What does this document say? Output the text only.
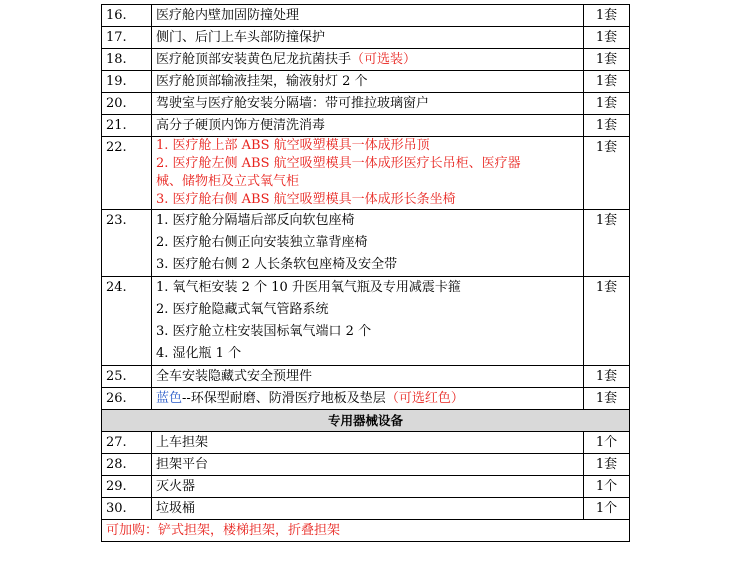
16.	医疗舱内壁加固防撞处理	1套
17.	侧门、后门上车头部防撞保护	1套
18.	医疗舱顶部安装黄色尼龙抗菌扶手（可选装）	1套
19.	医疗舱顶部输液挂架，输液射灯 2 个	1套
20.	驾驶室与医疗舱安装分隔墙：带可推拉玻璃窗户	1套
21.	高分子硬顶内饰方便清洗消毒	1套
22.	1. 医疗舱上部 ABS 航空吸塑模具一体成形吊顶
2. 医疗舱左侧 ABS 航空吸塑模具一体成形医疗长吊柜、医疗器
械、储物柜及立式氧气柜
3. 医疗舱右侧 ABS 航空吸塑模具一体成形长条坐椅	1套
23.	1. 医疗舱分隔墙后部反向软包座椅
2. 医疗舱右侧正向安装独立靠背座椅
3. 医疗舱右侧 2 人长条软包座椅及安全带	1套
24.	1. 氧气柜安装 2 个 10 升医用氧气瓶及专用减震卡箍
2. 医疗舱隐藏式氧气管路系统
3. 医疗舱立柱安装国标氧气端口 2 个
4. 湿化瓶 1 个	1套
25.	全车安装隐藏式安全预埋件	1套
26.	蓝色--环保型耐磨、防滑医疗地板及垫层（可选红色）	1套
专用器械设备		
27.	上车担架	1个
28.	担架平台	1套
29.	灭火器	1个
30.	垃圾桶	1个
可加购：铲式担架，楼梯担架，折叠担架		
